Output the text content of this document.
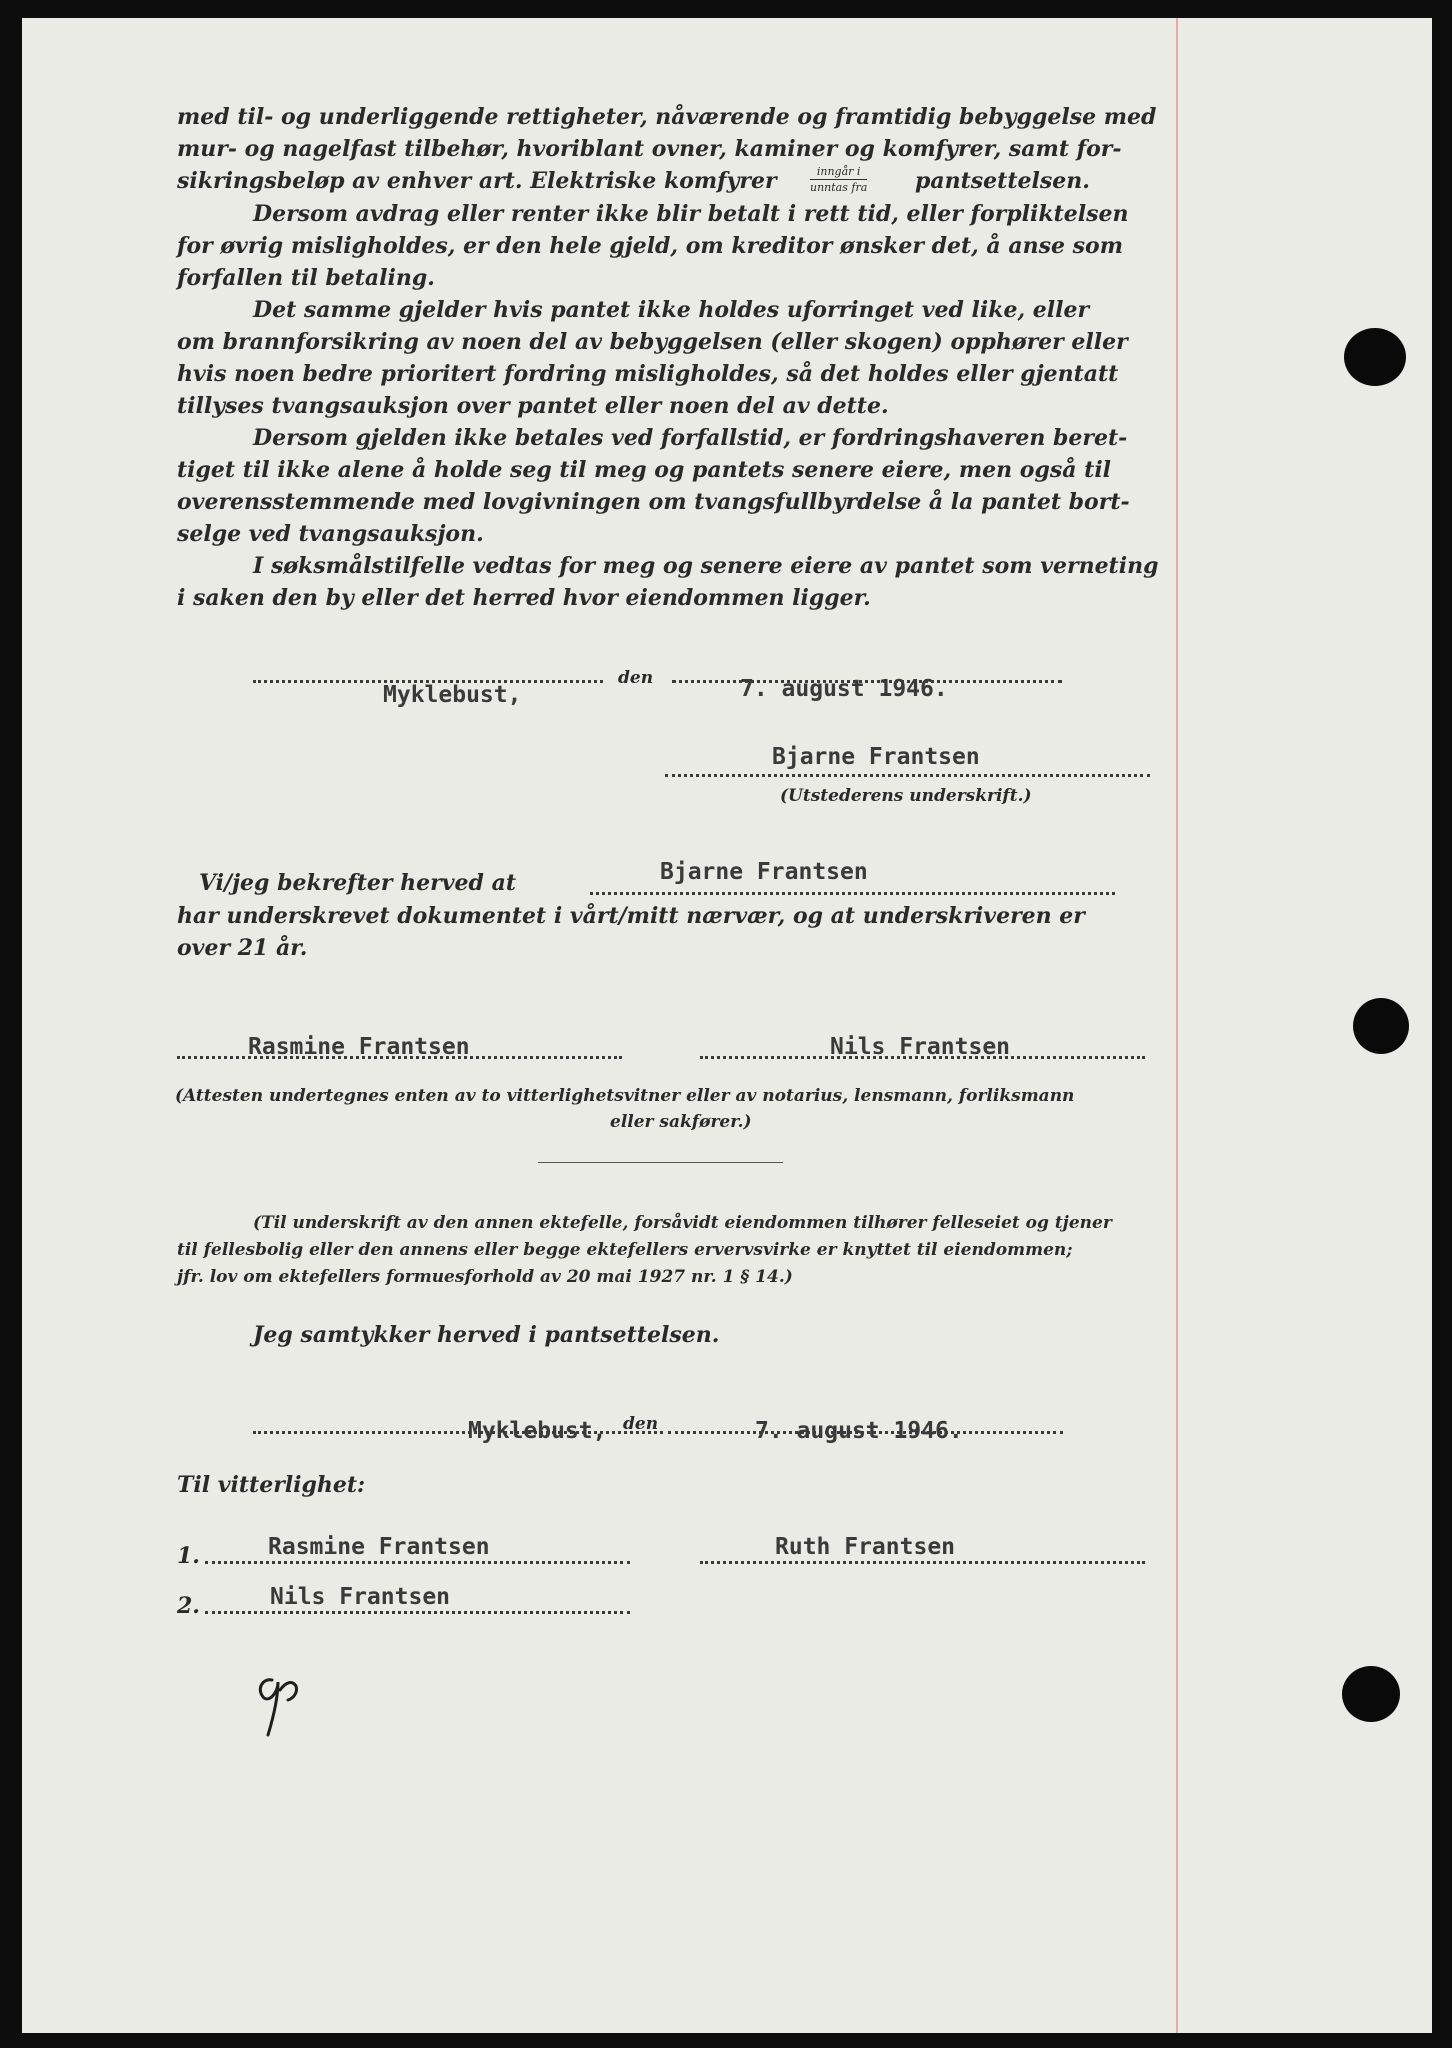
med til- og underliggende rettigheter, nåværende og framtidig bebyggelse med

mur- og nagelfast tilbehør, hvoriblant ovner, kaminer og komfyrer, samt for-

sikringsbeløp av enhver art. Elektriske komfyrer	inngår i
unntas fra pantsettelsen.

Dersom avdrag eller renter ikke blir betalt i rett tid, eller forpliktelsen

for øvrig misligholdes, er den hele gjeld, om kreditor ønsker det, å anse som

forfallen til betaling.

Det samme gjelder hvis pantet ikke holdes uforringet ved like, eller

om brannforsikring av noen del av bebyggelsen (eller skogen) opphører eller

hvis noen bedre prioritert fordring misligholdes, så det holdes eller gjentatt

tillyses tvangsauksjon over pantet eller noen del av dette.

Dersom gjelden ikke betales ved forfallstid, er fordringshaveren beret-

tiget til ikke alene å holde seg til meg og pantets senere eiere, men også til

overensstemmende med lovgivningen om tvangsfullbyrdelse å la pantet bort-

selge ved tvangsauksjon.

I søksmålstilfelle vedtas for meg og senere eiere av pantet som verneting

i saken den by eller det herred hvor eiendommen ligger.

Myklebust,

den	7. august 1946.
Bjarne Frantsen

(Utstederens underskrift.)

Vi/jeg bekrefter herved at	Bjarne Frantsen

har underskrevet dokumentet i vårt/mitt nærvær, og at underskriveren er

over 21 år.

Rasmine Frantsen	Nils Frantsen

(Attesten undertegnes enten av to vitterlighetsvitner eller av notarius, lensmann, forliksmann

eller sakfører.)

(Til underskrift av den annen ektefelle, forsåvidt eiendommen tilhører felleseiet og tjener

til fellesbolig eller den annens eller begge ektefellers ervervsvirke er knyttet til eiendommen;

jfr. lov om ektefellers formuesforhold av 20 mai 1927 nr. 1 § 14.)

Jeg samtykker herved i pantsettelsen.

Myklebust, den	7. august 1946.

Til vitterlighet:

1.	Rasmine Frantsen	Ruth Frantsen

2.	Nils Frantsen
